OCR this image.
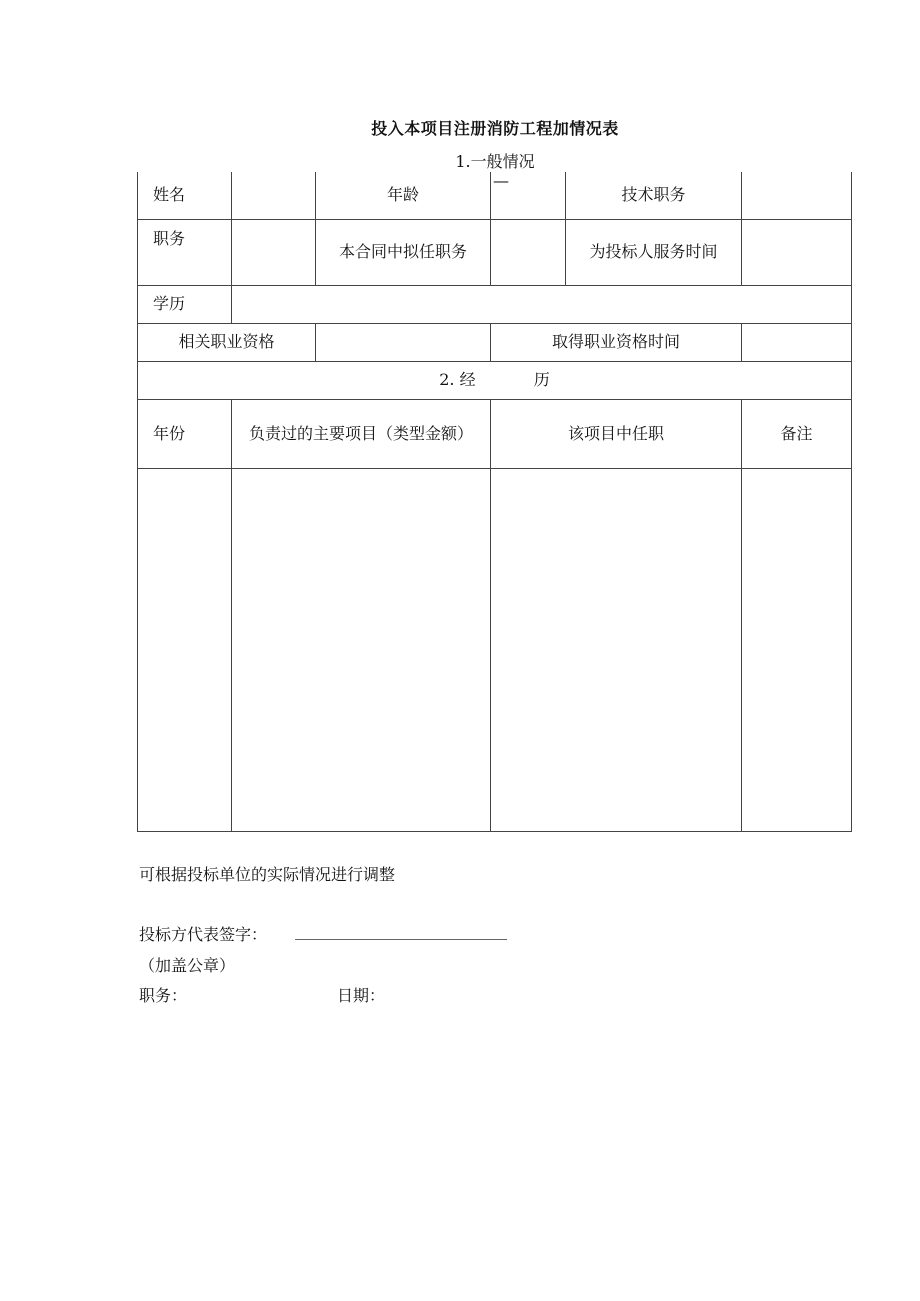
投入本项目注册消防工程加情况表
1.一般情况
姓名		年龄	—	技术职务	
职务		本合同中拟任职务		为投标人服务时间	
学历					
相关职业资格			取得职业资格时间		
2. 经 历					
年份	负责过的主要项目（类型金额）		该项目中任职		备注

可根据投标单位的实际情况进行调整
投标方代表签字：
（加盖公章）
职务：	日期：
